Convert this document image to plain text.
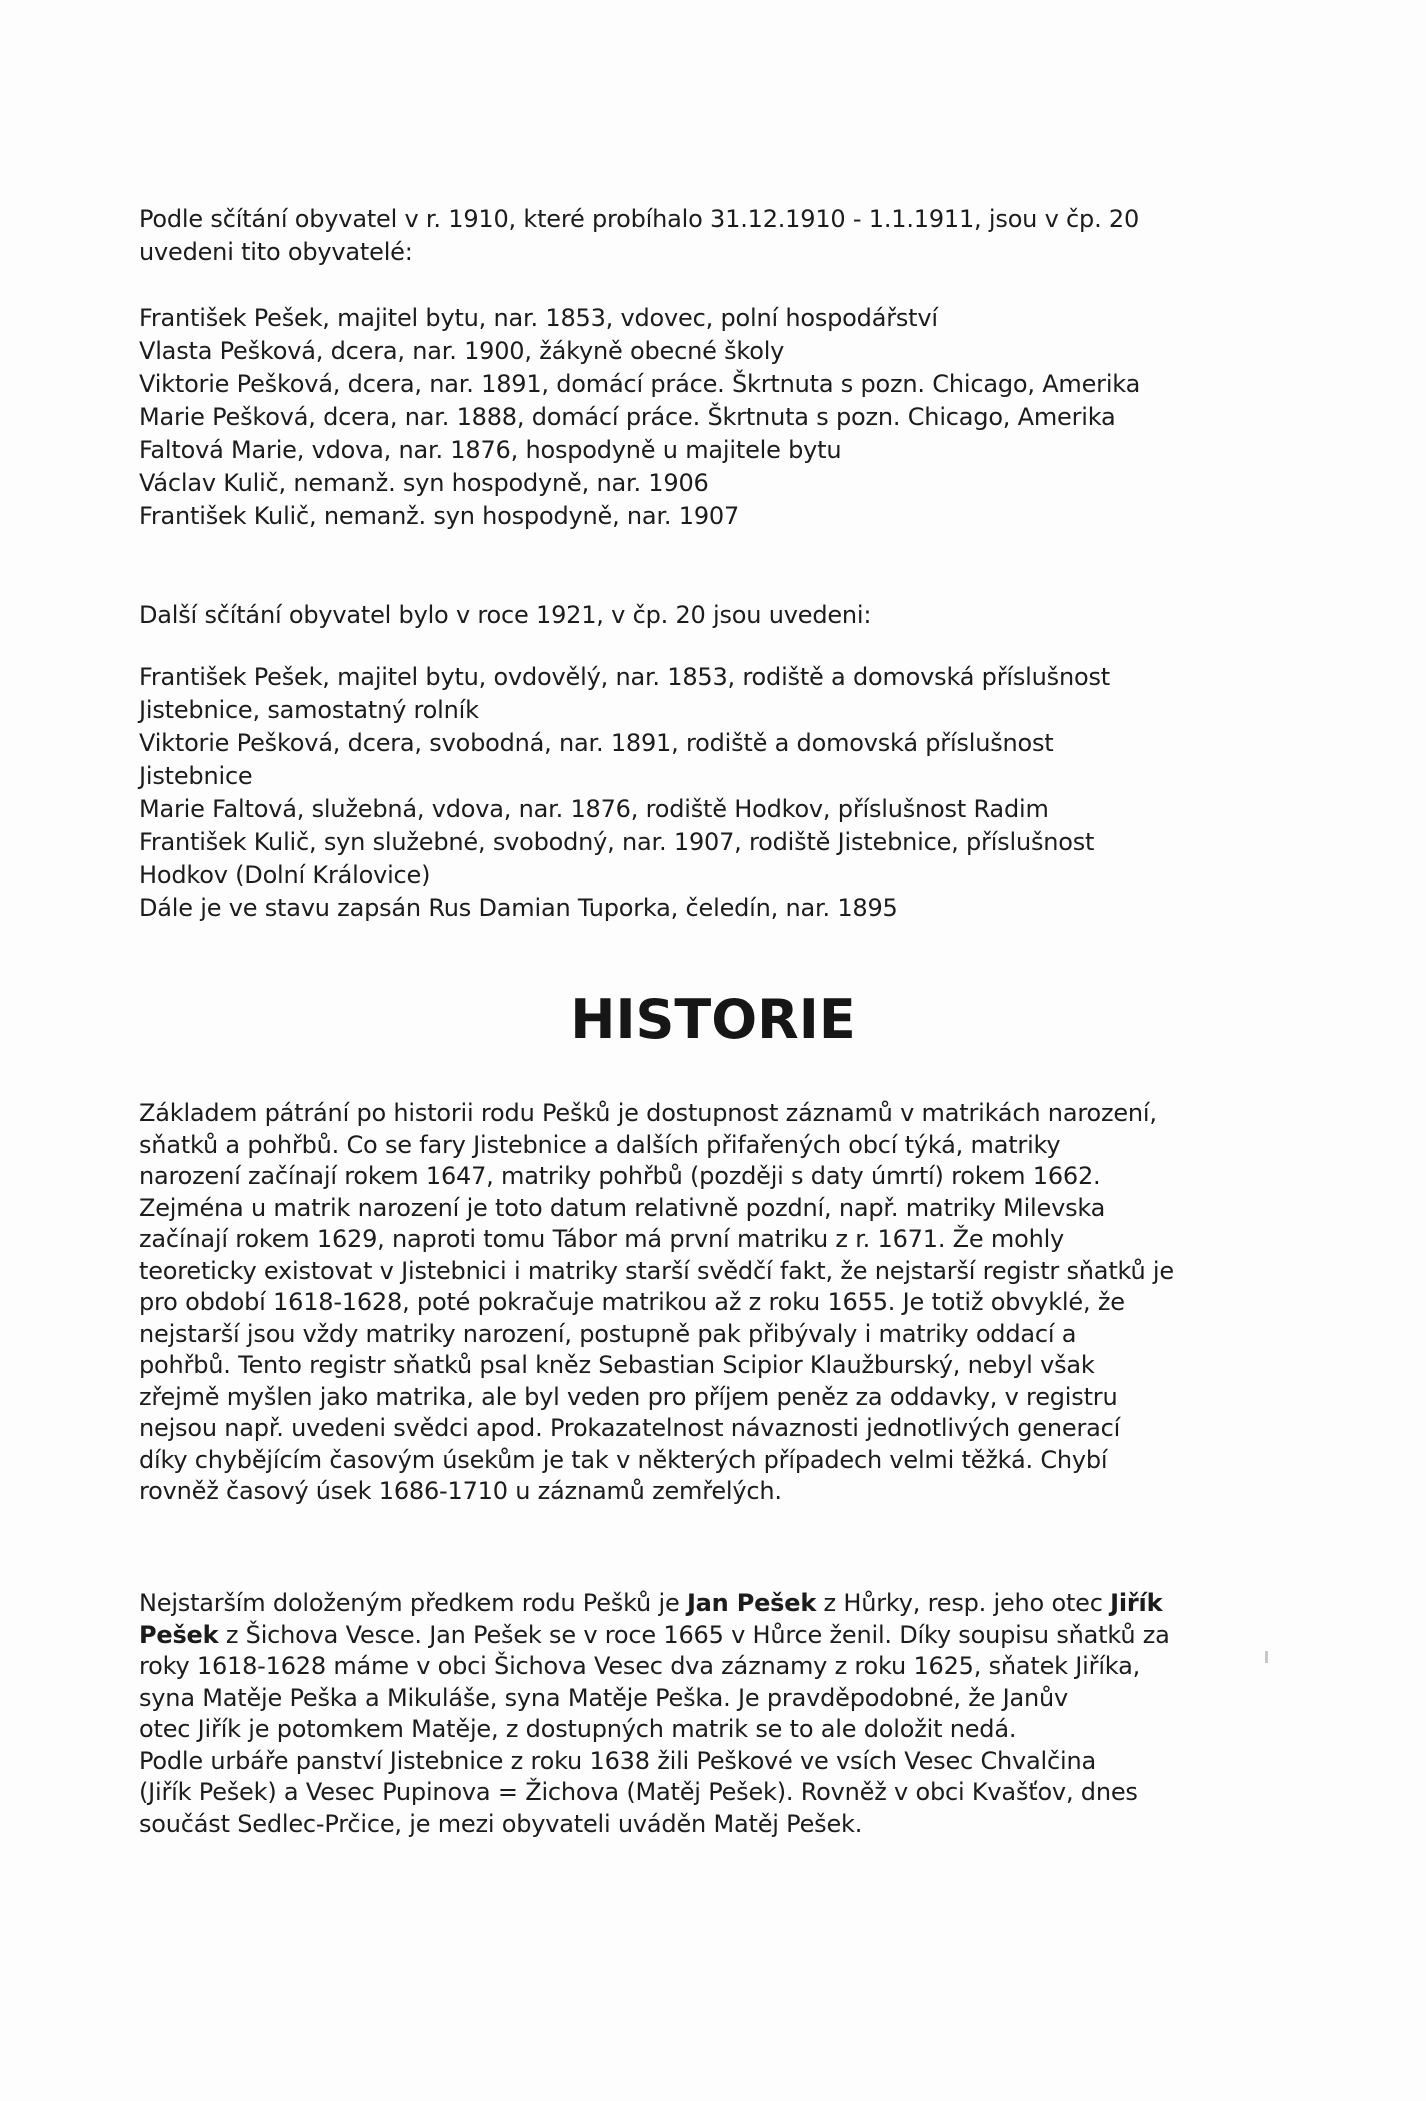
Podle sčítání obyvatel v r. 1910, které probíhalo 31.12.1910 - 1.1.1911, jsou v čp. 20
uvedeni tito obyvatelé:
František Pešek, majitel bytu, nar. 1853, vdovec, polní hospodářství
Vlasta Pešková, dcera, nar. 1900, žákyně obecné školy
Viktorie Pešková, dcera, nar. 1891, domácí práce. Škrtnuta s pozn. Chicago, Amerika
Marie Pešková, dcera, nar. 1888, domácí práce. Škrtnuta s pozn. Chicago, Amerika
Faltová Marie, vdova, nar. 1876, hospodyně u majitele bytu
Václav Kulič, nemanž. syn hospodyně, nar. 1906
František Kulič, nemanž. syn hospodyně, nar. 1907
Další sčítání obyvatel bylo v roce 1921, v čp. 20 jsou uvedeni:
František Pešek, majitel bytu, ovdovělý, nar. 1853, rodiště a domovská příslušnost
Jistebnice, samostatný rolník
Viktorie Pešková, dcera, svobodná, nar. 1891, rodiště a domovská příslušnost
Jistebnice
Marie Faltová, služebná, vdova, nar. 1876, rodiště Hodkov, příslušnost Radim
František Kulič, syn služebné, svobodný, nar. 1907, rodiště Jistebnice, příslušnost
Hodkov (Dolní Královice)
Dále je ve stavu zapsán Rus Damian Tuporka, čeledín, nar. 1895
HISTORIE
Základem pátrání po historii rodu Pešků je dostupnost záznamů v matrikách narození,
sňatků a pohřbů. Co se fary Jistebnice a dalších přifařených obcí týká, matriky
narození začínají rokem 1647, matriky pohřbů (později s daty úmrtí) rokem 1662.
Zejména u matrik narození je toto datum relativně pozdní, např. matriky Milevska
začínají rokem 1629, naproti tomu Tábor má první matriku z r. 1671. Že mohly
teoreticky existovat v Jistebnici i matriky starší svědčí fakt, že nejstarší registr sňatků je
pro období 1618-1628, poté pokračuje matrikou až z roku 1655. Je totiž obvyklé, že
nejstarší jsou vždy matriky narození, postupně pak přibývaly i matriky oddací a
pohřbů. Tento registr sňatků psal kněz Sebastian Scipior Klaužburský, nebyl však
zřejmě myšlen jako matrika, ale byl veden pro příjem peněz za oddavky, v registru
nejsou např. uvedeni svědci apod. Prokazatelnost návaznosti jednotlivých generací
díky chybějícím časovým úsekům je tak v některých případech velmi těžká. Chybí
rovněž časový úsek 1686-1710 u záznamů zemřelých.
Nejstarším doloženým předkem rodu Pešků je Jan Pešek z Hůrky, resp. jeho otec Jiřík
Pešek z Šichova Vesce. Jan Pešek se v roce 1665 v Hůrce ženil. Díky soupisu sňatků za
roky 1618-1628 máme v obci Šichova Vesec dva záznamy z roku 1625, sňatek Jiříka,
syna Matěje Peška a Mikuláše, syna Matěje Peška. Je pravděpodobné, že Janův
otec Jiřík je potomkem Matěje, z dostupných matrik se to ale doložit nedá.
Podle urbáře panství Jistebnice z roku 1638 žili Peškové ve vsích Vesec Chvalčina
(Jiřík Pešek) a Vesec Pupinova = Žichova (Matěj Pešek). Rovněž v obci Kvašťov, dnes
součást Sedlec-Prčice, je mezi obyvateli uváděn Matěj Pešek.
